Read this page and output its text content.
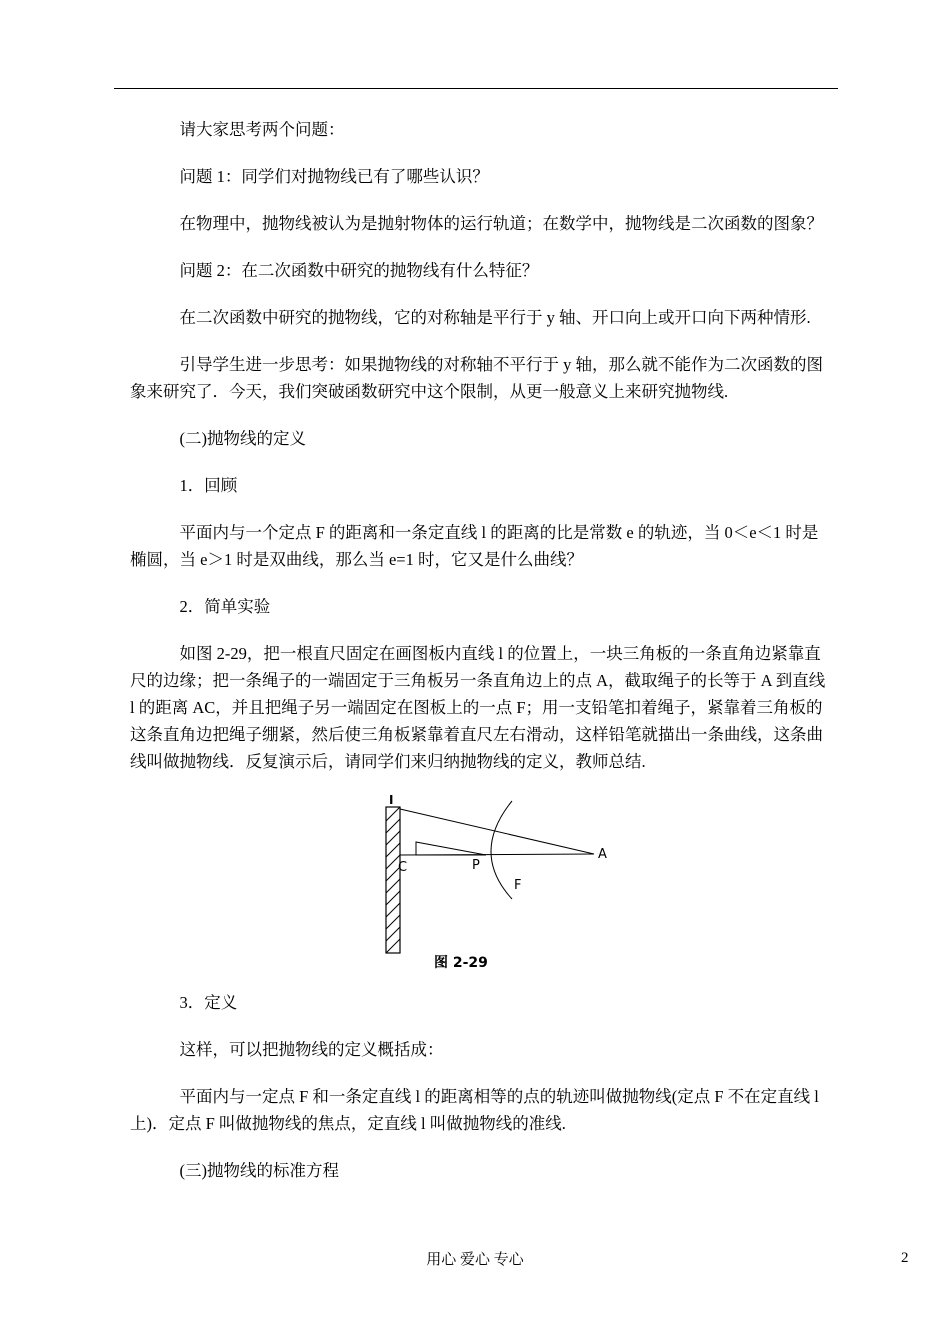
请大家思考两个问题：

问题 1：同学们对抛物线已有了哪些认识？

在物理中，抛物线被认为是抛射物体的运行轨道；在数学中，抛物线是二次函数的图象？

问题 2：在二次函数中研究的抛物线有什么特征？

在二次函数中研究的抛物线，它的对称轴是平行于 y 轴、开口向上或开口向下两种情形.

引导学生进一步思考：如果抛物线的对称轴不平行于 y 轴，那么就不能作为二次函数的图象来研究了．今天，我们突破函数研究中这个限制，从更一般意义上来研究抛物线.

(二)抛物线的定义

1．回顾

平面内与一个定点 F 的距离和一条定直线 l 的距离的比是常数 e 的轨迹，当 0＜e＜1 时是椭圆，当 e＞1 时是双曲线，那么当 e=1 时，它又是什么曲线？

2．简单实验

如图 2-29，把一根直尺固定在画图板内直线 l 的位置上，一块三角板的一条直角边紧靠直尺的边缘；把一条绳子的一端固定于三角板另一条直角边上的点 A，截取绳子的长等于 A 到直线 l 的距离 AC，并且把绳子另一端固定在图板上的一点 F；用一支铅笔扣着绳子，紧靠着三角板的这条直角边把绳子绷紧，然后使三角板紧靠着直尺左右滑动，这样铅笔就描出一条曲线，这条曲线叫做抛物线．反复演示后，请同学们来归纳抛物线的定义，教师总结.

l
C	P
F
A
图 2-29

3．定义

这样，可以把抛物线的定义概括成：

平面内与一定点 F 和一条定直线 l 的距离相等的点的轨迹叫做抛物线(定点 F 不在定直线 l 上)．定点 F 叫做抛物线的焦点，定直线 l 叫做抛物线的准线.

(三)抛物线的标准方程

用心 爱心 专心	2
